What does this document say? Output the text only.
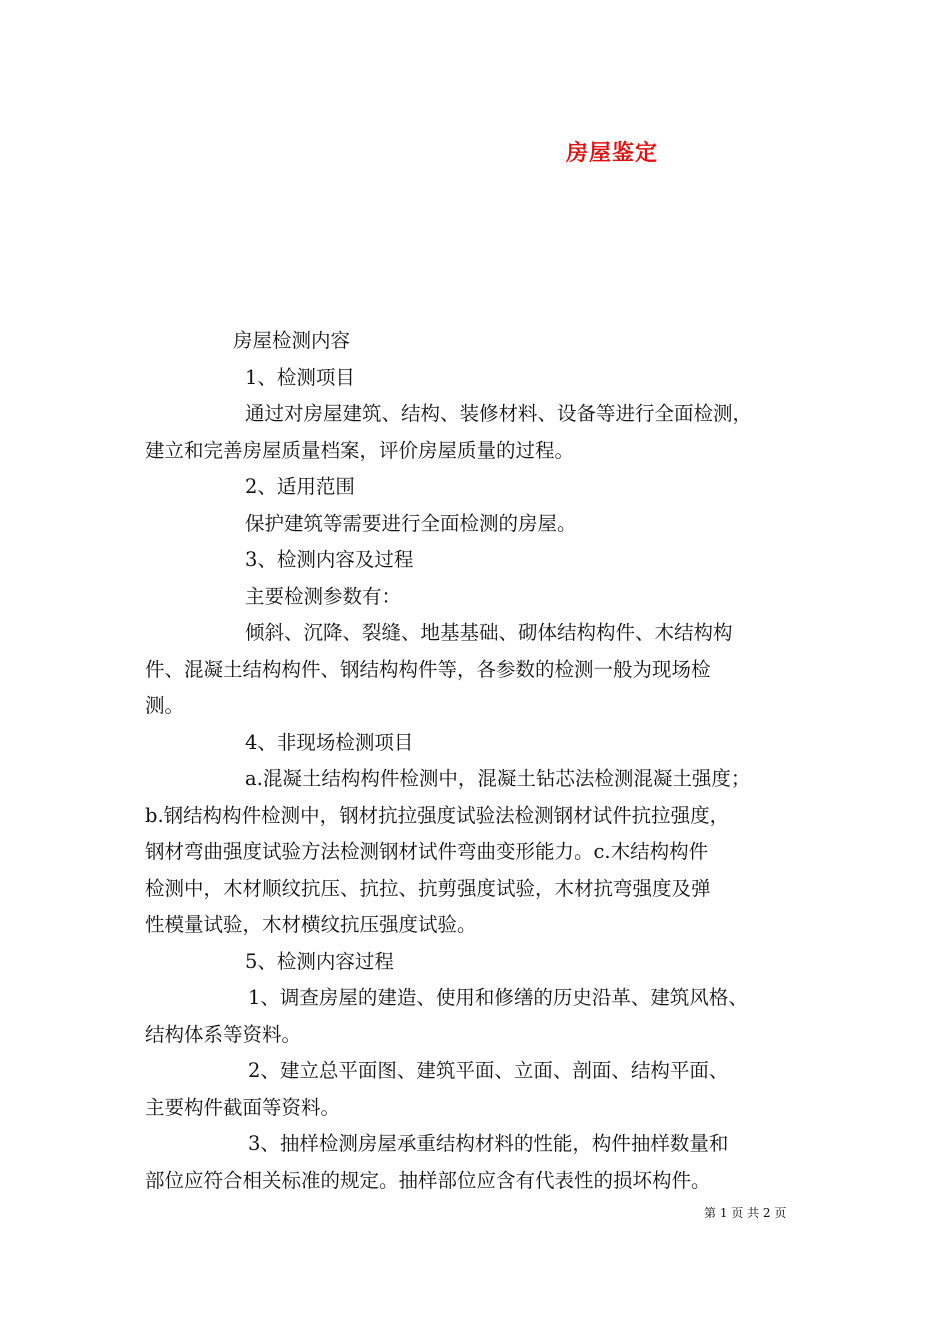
房屋鉴定
房屋检测内容
1、检测项目
通过对房屋建筑、结构、装修材料、设备等进行全面检测，
建立和完善房屋质量档案，评价房屋质量的过程。
2、适用范围
保护建筑等需要进行全面检测的房屋。
3、检测内容及过程
主要检测参数有：
倾斜、沉降、裂缝、地基基础、砌体结构构件、木结构构
件、混凝土结构构件、钢结构构件等，各参数的检测一般为现场检
测。
4、非现场检测项目
a.混凝土结构构件检测中，混凝土钻芯法检测混凝土强度；
b.钢结构构件检测中，钢材抗拉强度试验法检测钢材试件抗拉强度，
钢材弯曲强度试验方法检测钢材试件弯曲变形能力。c.木结构构件
检测中，木材顺纹抗压、抗拉、抗剪强度试验，木材抗弯强度及弹
性模量试验，木材横纹抗压强度试验。
5、检测内容过程
1、调查房屋的建造、使用和修缮的历史沿革、建筑风格、
结构体系等资料。
2、建立总平面图、建筑平面、立面、剖面、结构平面、
主要构件截面等资料。
3、抽样检测房屋承重结构材料的性能，构件抽样数量和
部位应符合相关标准的规定。抽样部位应含有代表性的损坏构件。
第 1 页 共 2 页
